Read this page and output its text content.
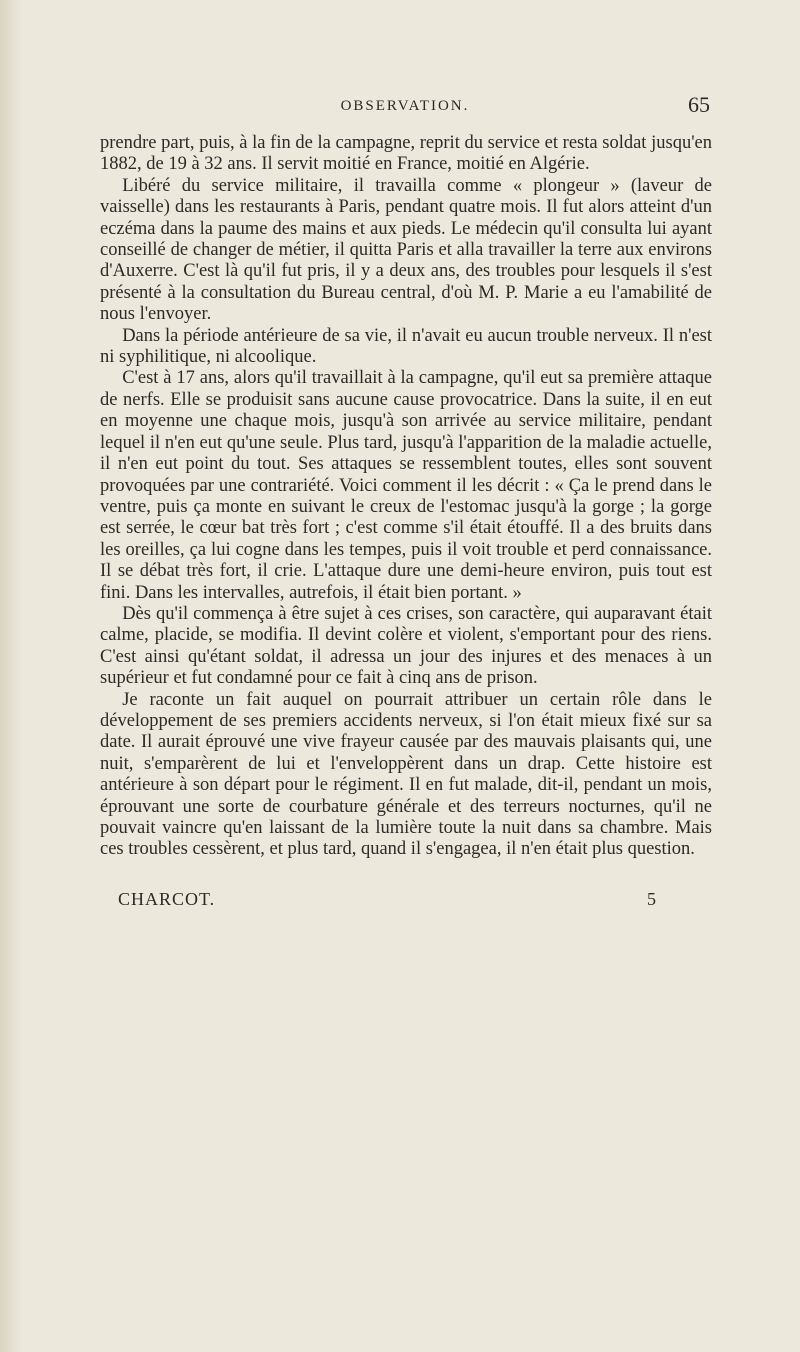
OBSERVATION.	65

prendre part, puis, à la fin de la campagne, reprit du service et resta soldat jusqu'en 1882, de 19 à 32 ans. Il servit moitié en France, moitié en Algérie.

Libéré du service militaire, il travailla comme « plongeur » (laveur de vaisselle) dans les restaurants à Paris, pendant quatre mois. Il fut alors atteint d'un eczéma dans la paume des mains et aux pieds. Le médecin qu'il consulta lui ayant conseillé de changer de métier, il quitta Paris et alla travailler la terre aux environs d'Auxerre. C'est là qu'il fut pris, il y a deux ans, des troubles pour lesquels il s'est présenté à la consultation du Bureau central, d'où M. P. Marie a eu l'amabilité de nous l'envoyer.

Dans la période antérieure de sa vie, il n'avait eu aucun trouble nerveux. Il n'est ni syphilitique, ni alcoolique.

C'est à 17 ans, alors qu'il travaillait à la campagne, qu'il eut sa première attaque de nerfs. Elle se produisit sans aucune cause provocatrice. Dans la suite, il en eut en moyenne une chaque mois, jusqu'à son arrivée au service militaire, pendant lequel il n'en eut qu'une seule. Plus tard, jusqu'à l'apparition de la maladie actuelle, il n'en eut point du tout. Ses attaques se ressemblent toutes, elles sont souvent provoquées par une contrariété. Voici comment il les décrit : « Ça le prend dans le ventre, puis ça monte en suivant le creux de l'estomac jusqu'à la gorge ; la gorge est serrée, le cœur bat très fort ; c'est comme s'il était étouffé. Il a des bruits dans les oreilles, ça lui cogne dans les tempes, puis il voit trouble et perd connaissance. Il se débat très fort, il crie. L'attaque dure une demi-heure environ, puis tout est fini. Dans les intervalles, autrefois, il était bien portant. »

Dès qu'il commença à être sujet à ces crises, son caractère, qui auparavant était calme, placide, se modifia. Il devint colère et violent, s'emportant pour des riens. C'est ainsi qu'étant soldat, il adressa un jour des injures et des menaces à un supérieur et fut condamné pour ce fait à cinq ans de prison.

Je raconte un fait auquel on pourrait attribuer un certain rôle dans le développement de ses premiers accidents nerveux, si l'on était mieux fixé sur sa date. Il aurait éprouvé une vive frayeur causée par des mauvais plaisants qui, une nuit, s'emparèrent de lui et l'enveloppèrent dans un drap. Cette histoire est antérieure à son départ pour le régiment. Il en fut malade, dit-il, pendant un mois, éprouvant une sorte de courbature générale et des terreurs nocturnes, qu'il ne pouvait vaincre qu'en laissant de la lumière toute la nuit dans sa chambre. Mais ces troubles cessèrent, et plus tard, quand il s'engagea, il n'en était plus question.

CHARCOT.	5
